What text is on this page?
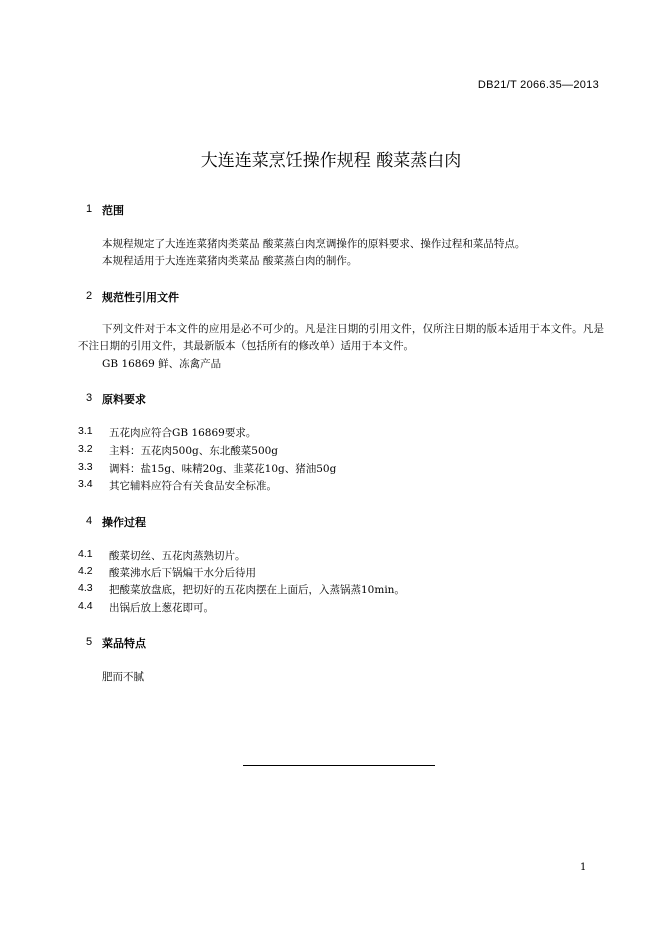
DB21/T 2066.35—2013
大连连菜烹饪操作规程 酸菜蒸白肉
1 范围
本规程规定了大连连菜猪肉类菜品 酸菜蒸白肉烹调操作的原料要求、操作过程和菜品特点。
本规程适用于大连连菜猪肉类菜品 酸菜蒸白肉的制作。
2 规范性引用文件
下列文件对于本文件的应用是必不可少的。凡是注日期的引用文件，仅所注日期的版本适用于本文件。凡是不注日期的引用文件，其最新版本（包括所有的修改单）适用于本文件。
GB 16869 鲜、冻禽产品
3 原料要求
3.1 五花肉应符合GB 16869要求。
3.2 主料：五花肉500g、东北酸菜500g
3.3 调料：盐15g、味精20g、韭菜花10g、猪油50g
3.4 其它辅料应符合有关食品安全标准。
4 操作过程
4.1 酸菜切丝、五花肉蒸熟切片。
4.2 酸菜沸水后下锅煸干水分后待用
4.3 把酸菜放盘底，把切好的五花肉摆在上面后，入蒸锅蒸10min。
4.4 出锅后放上葱花即可。
5 菜品特点
肥而不腻
1
